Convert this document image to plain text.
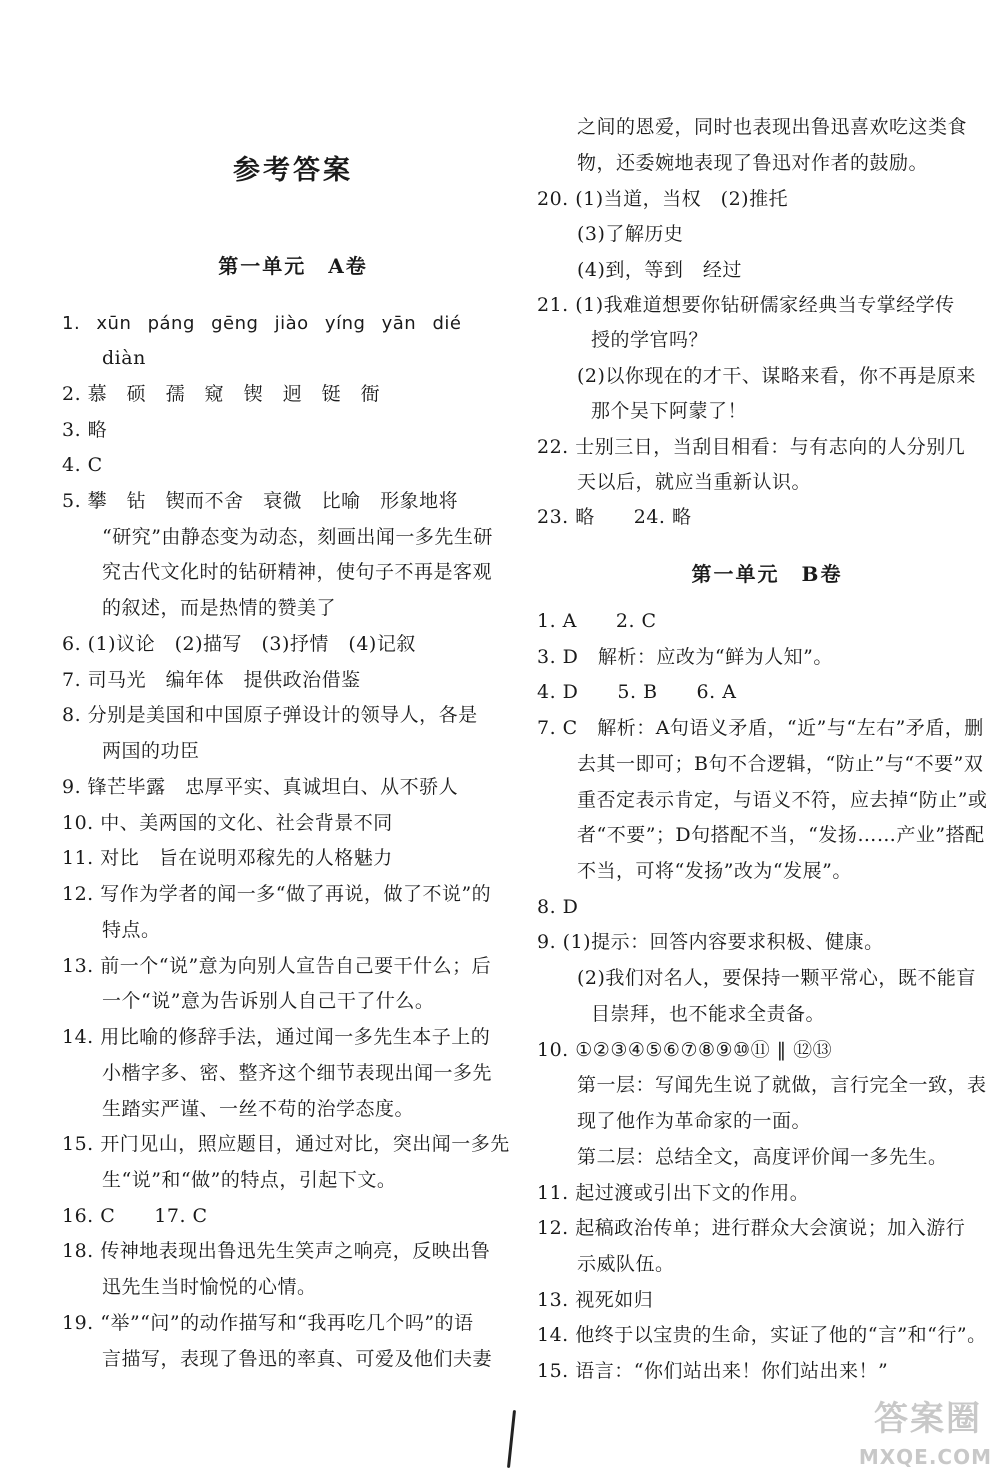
参考答案
第一单元　A卷
1. xūn páng gēng jiào yíng yān dié
diàn
2. 慕　硕　孺　窥　锲　迥　铤　衙
3. 略
4. C
5. 攀　钻　锲而不舍　衰微　比喻　形象地将
“研究”由静态变为动态，刻画出闻一多先生研
究古代文化时的钻研精神，使句子不再是客观
的叙述，而是热情的赞美了
6. (1)议论　(2)描写　(3)抒情　(4)记叙
7. 司马光　编年体　提供政治借鉴
8. 分别是美国和中国原子弹设计的领导人，各是
两国的功臣
9. 锋芒毕露　忠厚平实、真诚坦白、从不骄人
10. 中、美两国的文化、社会背景不同
11. 对比　旨在说明邓稼先的人格魅力
12. 写作为学者的闻一多“做了再说，做了不说”的
特点。
13. 前一个“说”意为向别人宣告自己要干什么；后
一个“说”意为告诉别人自己干了什么。
14. 用比喻的修辞手法，通过闻一多先生本子上的
小楷字多、密、整齐这个细节表现出闻一多先
生踏实严谨、一丝不苟的治学态度。
15. 开门见山，照应题目，通过对比，突出闻一多先
生“说”和“做”的特点，引起下文。
16. C　　17. C
18. 传神地表现出鲁迅先生笑声之响亮，反映出鲁
迅先生当时愉悦的心情。
19. “举”“问”的动作描写和“我再吃几个吗”的语
言描写，表现了鲁迅的率真、可爱及他们夫妻
之间的恩爱，同时也表现出鲁迅喜欢吃这类食
物，还委婉地表现了鲁迅对作者的鼓励。
20. (1)当道，当权　(2)推托
(3)了解历史
(4)到，等到　经过
21. (1)我难道想要你钻研儒家经典当专掌经学传
授的学官吗？
(2)以你现在的才干、谋略来看，你不再是原来
那个吴下阿蒙了！
22. 士别三日，当刮目相看：与有志向的人分别几
天以后，就应当重新认识。
23. 略　　24. 略
第一单元　B卷
1. A　　2. C
3. D　解析：应改为“鲜为人知”。
4. D　　5. B　　6. A
7. C　解析：A句语义矛盾，“近”与“左右”矛盾，删
去其一即可；B句不合逻辑，“防止”与“不要”双
重否定表示肯定，与语义不符，应去掉“防止”或
者“不要”；D句搭配不当，“发扬……产业”搭配
不当，可将“发扬”改为“发展”。
8. D
9. (1)提示：回答内容要求积极、健康。
(2)我们对名人，要保持一颗平常心，既不能盲
目崇拜，也不能求全责备。
10. ①②③④⑤⑥⑦⑧⑨⑩⑪ ‖ ⑫⑬
第一层：写闻先生说了就做，言行完全一致，表
现了他作为革命家的一面。
第二层：总结全文，高度评价闻一多先生。
11. 起过渡或引出下文的作用。
12. 起稿政治传单；进行群众大会演说；加入游行
示威队伍。
13. 视死如归
14. 他终于以宝贵的生命，实证了他的“言”和“行”。
15. 语言：“你们站出来！你们站出来！”
答案圈
MXQE.COM
